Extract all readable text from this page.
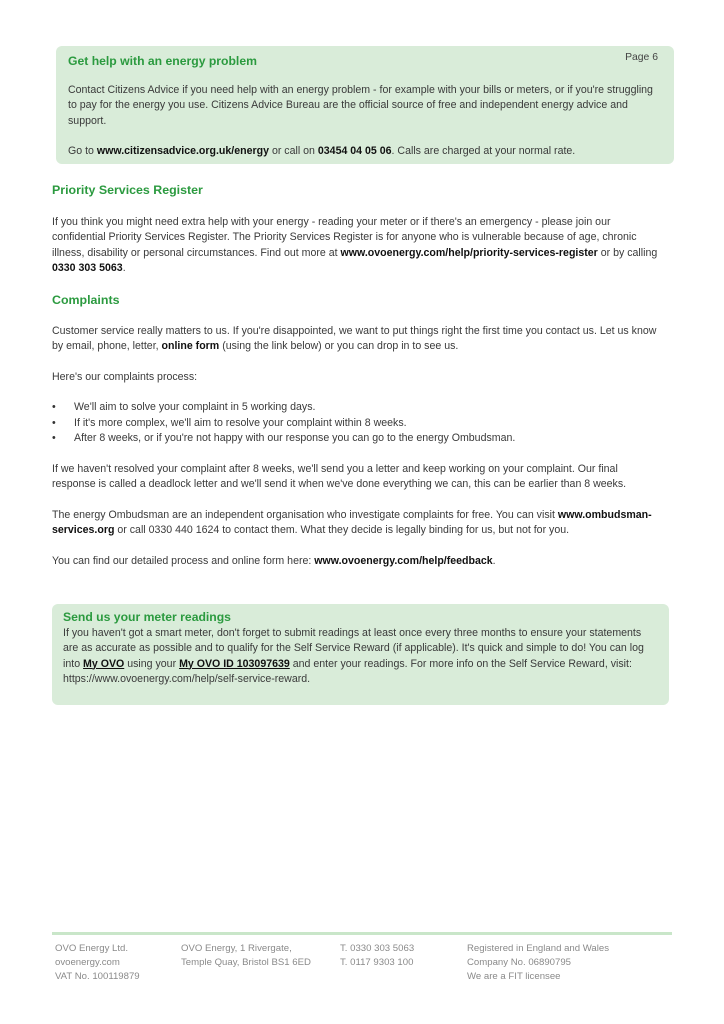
Page 6
Get help with an energy problem

Contact Citizens Advice if you need help with an energy problem - for example with your bills or meters, or if you're struggling to pay for the energy you use. Citizens Advice Bureau are the official source of free and independent energy advice and support.

Go to www.citizensadvice.org.uk/energy or call on 03454 04 05 06. Calls are charged at your normal rate.

Priority Services Register

If you think you might need extra help with your energy - reading your meter or if there's an emergency - please join our confidential Priority Services Register. The Priority Services Register is for anyone who is vulnerable because of age, chronic illness, disability or personal circumstances. Find out more at www.ovoenergy.com/help/priority-services-register or by calling 0330 303 5063.

Complaints

Customer service really matters to us. If you're disappointed, we want to put things right the first time you contact us. Let us know by email, phone, letter, online form (using the link below) or you can drop in to see us.

Here's our complaints process:

• We'll aim to solve your complaint in 5 working days.
• If it's more complex, we'll aim to resolve your complaint within 8 weeks.
• After 8 weeks, or if you're not happy with our response you can go to the energy Ombudsman.

If we haven't resolved your complaint after 8 weeks, we'll send you a letter and keep working on your complaint. Our final response is called a deadlock letter and we'll send it when we've done everything we can, this can be earlier than 8 weeks.

The energy Ombudsman are an independent organisation who investigate complaints for free. You can visit www.ombudsman-services.org or call 0330 440 1624 to contact them. What they decide is legally binding for us, but not for you.

You can find our detailed process and online form here: www.ovoenergy.com/help/feedback.

Send us your meter readings

If you haven't got a smart meter, don't forget to submit readings at least once every three months to ensure your statements are as accurate as possible and to qualify for the Self Service Reward (if applicable). It's quick and simple to do! You can log into My OVO using your My OVO ID 103097639 and enter your readings. For more info on the Self Service Reward, visit: https://www.ovoenergy.com/help/self-service-reward.

OVO Energy Ltd.
ovoenergy.com
VAT No. 100119879
OVO Energy, 1 Rivergate,
Temple Quay, Bristol BS1 6ED
T. 0330 303 5063
T. 0117 9303 100
Registered in England and Wales
Company No. 06890795
We are a FIT licensee
